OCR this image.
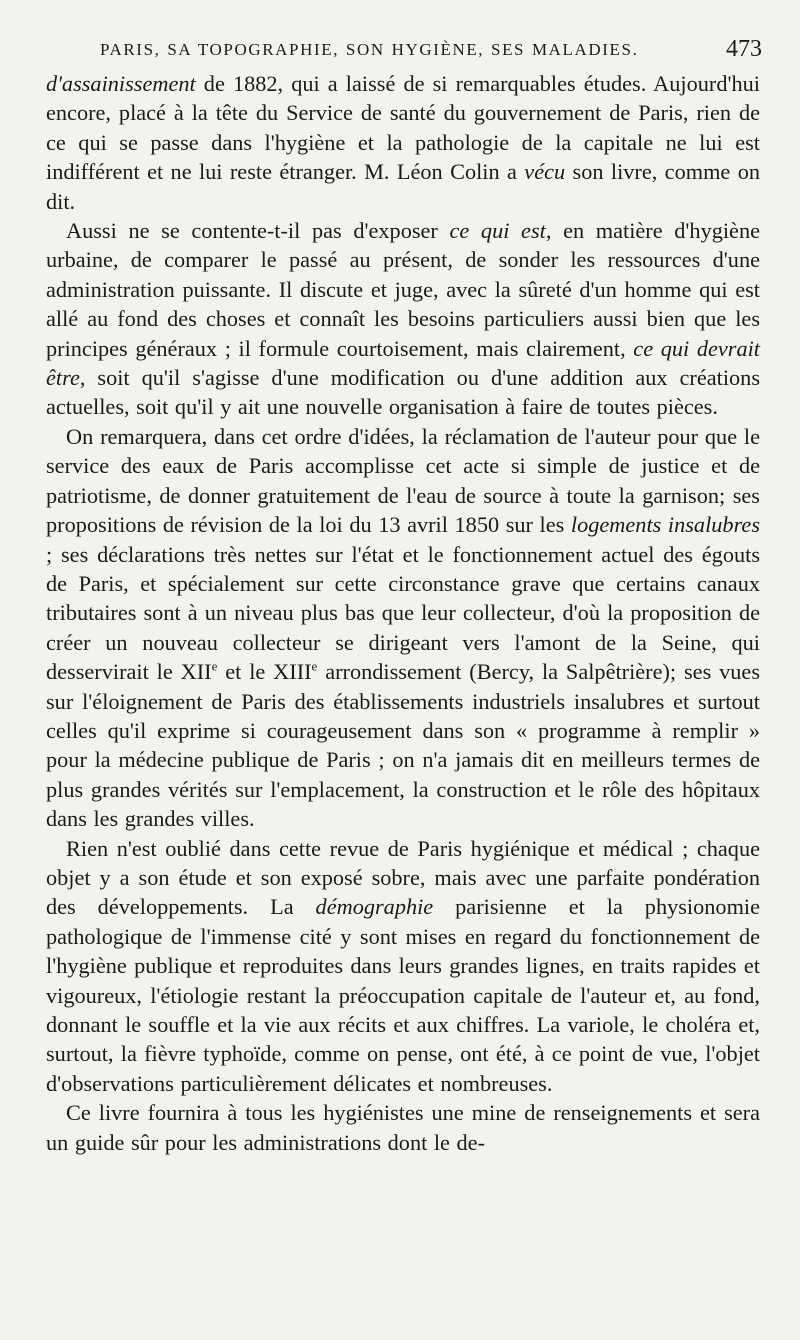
PARIS, SA TOPOGRAPHIE, SON HYGIÈNE, SES MALADIES.	473

d'assainissement de 1882, qui a laissé de si remarquables études. Aujourd'hui encore, placé à la tête du Service de santé du gouvernement de Paris, rien de ce qui se passe dans l'hygiène et la pathologie de la capitale ne lui est indifférent et ne lui reste étranger. M. Léon Colin a vécu son livre, comme on dit.

Aussi ne se contente-t-il pas d'exposer ce qui est, en matière d'hygiène urbaine, de comparer le passé au présent, de sonder les ressources d'une administration puissante. Il discute et juge, avec la sûreté d'un homme qui est allé au fond des choses et connaît les besoins particuliers aussi bien que les principes généraux ; il formule courtoisement, mais clairement, ce qui devrait être, soit qu'il s'agisse d'une modification ou d'une addition aux créations actuelles, soit qu'il y ait une nouvelle organisation à faire de toutes pièces.

On remarquera, dans cet ordre d'idées, la réclamation de l'auteur pour que le service des eaux de Paris accomplisse cet acte si simple de justice et de patriotisme, de donner gratuitement de l'eau de source à toute la garnison; ses propositions de révision de la loi du 13 avril 1850 sur les logements insalubres ; ses déclarations très nettes sur l'état et le fonctionnement actuel des égouts de Paris, et spécialement sur cette circonstance grave que certains canaux tributaires sont à un niveau plus bas que leur collecteur, d'où la proposition de créer un nouveau collecteur se dirigeant vers l'amont de la Seine, qui desservirait le XIIe et le XIIIe arrondissement (Bercy, la Salpêtrière); ses vues sur l'éloignement de Paris des établissements industriels insalubres et surtout celles qu'il exprime si courageusement dans son « programme à remplir » pour la médecine publique de Paris ; on n'a jamais dit en meilleurs termes de plus grandes vérités sur l'emplacement, la construction et le rôle des hôpitaux dans les grandes villes.

Rien n'est oublié dans cette revue de Paris hygiénique et médical ; chaque objet y a son étude et son exposé sobre, mais avec une parfaite pondération des développements. La démographie parisienne et la physionomie pathologique de l'immense cité y sont mises en regard du fonctionnement de l'hygiène publique et reproduites dans leurs grandes lignes, en traits rapides et vigoureux, l'étiologie restant la préoccupation capitale de l'auteur et, au fond, donnant le souffle et la vie aux récits et aux chiffres. La variole, le choléra et, surtout, la fièvre typhoïde, comme on pense, ont été, à ce point de vue, l'objet d'observations particulièrement délicates et nombreuses.

Ce livre fournira à tous les hygiénistes une mine de renseignements et sera un guide sûr pour les administrations dont le de-
